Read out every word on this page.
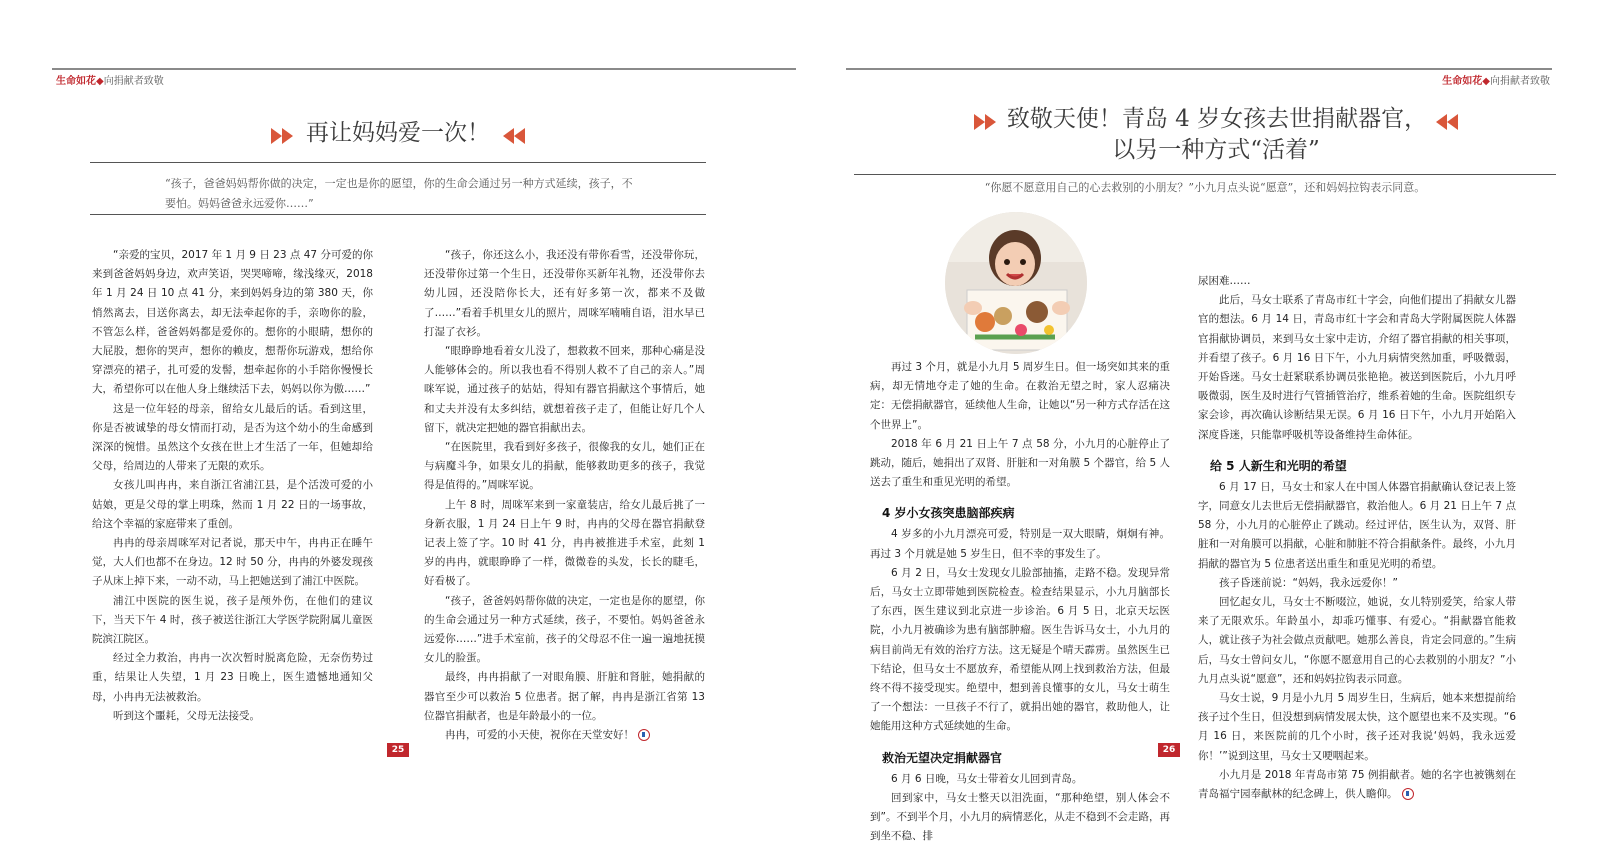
生命如花◆向捐献者致敬
再让妈妈爱一次！
“孩子，爸爸妈妈帮你做的决定，一定也是你的愿望，你的生命会通过另一种方式延续，孩子，不要怕。妈妈爸爸永远爱你……”

“亲爱的宝贝，2017 年 1 月 9 日 23 点 47 分可爱的你来到爸爸妈妈身边，欢声笑语，哭哭啼啼，缘浅缘灭，2018 年 1 月 24 日 10 点 41 分，来到妈妈身边的第 380 天，你悄然离去，目送你离去，却无法牵起你的手，亲吻你的脸，不管怎么样，爸爸妈妈都是爱你的。想你的小眼睛，想你的大屁股，想你的哭声，想你的赖皮，想帮你玩游戏，想给你穿漂亮的裙子，扎可爱的发髻，想牵起你的小手陪你慢慢长大，希望你可以在他人身上继续活下去，妈妈以你为傲……”

这是一位年轻的母亲，留给女儿最后的话。看到这里，你是否被诚挚的母女情而打动，是否为这个幼小的生命感到深深的惋惜。虽然这个女孩在世上才生活了一年，但她却给父母，给周边的人带来了无限的欢乐。

女孩儿叫冉冉，来自浙江省浦江县，是个活泼可爱的小姑娘，更是父母的掌上明珠，然而 1 月 22 日的一场事故，给这个幸福的家庭带来了重创。

冉冉的母亲周咪军对记者说，那天中午，冉冉正在睡午觉，大人们也都不在身边。12 时 50 分，冉冉的外婆发现孩子从床上掉下来，一动不动，马上把她送到了浦江中医院。

浦江中医院的医生说，孩子是颅外伤，在他们的建议下，当天下午 4 时，孩子被送往浙江大学医学院附属儿童医院滨江院区。

经过全力救治，冉冉一次次暂时脱离危险，无奈伤势过重，结果让人失望，1 月 23 日晚上，医生遗憾地通知父母，小冉冉无法被救治。

听到这个噩耗，父母无法接受。

“孩子，你还这么小，我还没有带你看雪，还没带你玩，还没带你过第一个生日，还没带你买新年礼物，还没带你去幼儿园，还没陪你长大，还有好多第一次，都来不及做了……”看着手机里女儿的照片，周咪军喃喃自语，泪水早已打湿了衣衫。

“眼睁睁地看着女儿没了，想救救不回来，那种心痛是没人能够体会的。所以我也看不得别人救不了自己的亲人。”周咪军说，通过孩子的姑姑，得知有器官捐献这个事情后，她和丈夫并没有太多纠结，就想着孩子走了，但能让好几个人留下，就决定把她的器官捐献出去。

“在医院里，我看到好多孩子，很像我的女儿，她们正在与病魔斗争，如果女儿的捐献，能够救助更多的孩子，我觉得是值得的。”周咪军说。

上午 8 时，周咪军来到一家童装店，给女儿最后挑了一身新衣服，1 月 24 日上午 9 时，冉冉的父母在器官捐献登记表上签了字。10 时 41 分，冉冉被推进手术室，此刻 1 岁的冉冉，就眼睁睁了一样，微微卷的头发，长长的睫毛，好看极了。

“孩子，爸爸妈妈帮你做的决定，一定也是你的愿望，你的生命会通过另一种方式延续，孩子，不要怕。妈妈爸爸永远爱你……”进手术室前，孩子的父母忍不住一遍一遍地抚摸女儿的脸蛋。

最终，冉冉捐献了一对眼角膜、肝脏和肾脏，她捐献的器官至少可以救治 5 位患者。据了解，冉冉是浙江省第 13 位器官捐献者，也是年龄最小的一位。

冉冉，可爱的小天使，祝你在天堂安好！

25
生命如花◆向捐献者致敬
致敬天使！青岛 4 岁女孩去世捐献器官，
以另一种方式“活着”
“你愿不愿意用自己的心去救别的小朋友？”小九月点头说“愿意”，还和妈妈拉钩表示同意。

再过 3 个月，就是小九月 5 周岁生日。但一场突如其来的重病，却无情地夺走了她的生命。在救治无望之时，家人忍痛决定：无偿捐献器官，延续他人生命，让她以“另一种方式存活在这个世界上”。

2018 年 6 月 21 日上午 7 点 58 分，小九月的心脏停止了跳动，随后，她捐出了双肾、肝脏和一对角膜 5 个器官，给 5 人送去了重生和重见光明的希望。

4 岁小女孩突患脑部疾病

4 岁多的小九月漂亮可爱，特别是一双大眼睛，炯炯有神。再过 3 个月就是她 5 岁生日，但不幸的事发生了。

6 月 2 日，马女士发现女儿脸部抽搐，走路不稳。发现异常后，马女士立即带她到医院检查。检查结果显示，小九月脑部长了东西，医生建议到北京进一步诊治。6 月 5 日，北京天坛医院，小九月被确诊为患有脑部肿瘤。医生告诉马女士，小九月的病目前尚无有效的治疗方法。这无疑是个晴天霹雳。虽然医生已下结论，但马女士不愿放弃，希望能从网上找到救治方法，但最终不得不接受现实。绝望中，想到善良懂事的女儿，马女士萌生了一个想法：一旦孩子不行了，就捐出她的器官，救助他人，让她能用这种方式延续她的生命。

救治无望决定捐献器官

6 月 6 日晚，马女士带着女儿回到青岛。

回到家中，马女士整天以泪洗面，“那种绝望，别人体会不到”。不到半个月，小九月的病情恶化，从走不稳到不会走路，再到坐不稳、排

尿困难……

此后，马女士联系了青岛市红十字会，向他们提出了捐献女儿器官的想法。6 月 14 日，青岛市红十字会和青岛大学附属医院人体器官捐献协调员，来到马女士家中走访，介绍了器官捐献的相关事项，并看望了孩子。6 月 16 日下午，小九月病情突然加重，呼吸微弱，开始昏迷。马女士赶紧联系协调员张艳艳。被送到医院后，小九月呼吸微弱，医生及时进行气管插管治疗，维系着她的生命。医院组织专家会诊，再次确认诊断结果无误。6 月 16 日下午，小九月开始陷入深度昏迷，只能靠呼吸机等设备维持生命体征。

给 5 人新生和光明的希望

6 月 17 日，马女士和家人在中国人体器官捐献确认登记表上签字，同意女儿去世后无偿捐献器官，救治他人。6 月 21 日上午 7 点 58 分，小九月的心脏停止了跳动。经过评估，医生认为，双肾、肝脏和一对角膜可以捐献，心脏和肺脏不符合捐献条件。最终，小九月捐献的器官为 5 位患者送出重生和重见光明的希望。

孩子昏迷前说：“妈妈，我永远爱你！”

回忆起女儿，马女士不断啜泣，她说，女儿特别爱笑，给家人带来了无限欢乐。年龄虽小，却乖巧懂事、有爱心。“捐献器官能救人，就让孩子为社会做点贡献吧。她那么善良，肯定会同意的。”生病后，马女士曾问女儿，“你愿不愿意用自己的心去救别的小朋友？”小九月点头说“愿意”，还和妈妈拉钩表示同意。

马女士说，9 月是小九月 5 周岁生日，生病后，她本来想提前给孩子过个生日，但没想到病情发展太快，这个愿望也来不及实现。“6 月 16 日，来医院前的几个小时，孩子还对我说‘妈妈，我永远爱你！’”说到这里，马女士又哽咽起来。

小九月是 2018 年青岛市第 75 例捐献者。她的名字也被镌刻在青岛福宁园奉献林的纪念碑上，供人瞻仰。

26
